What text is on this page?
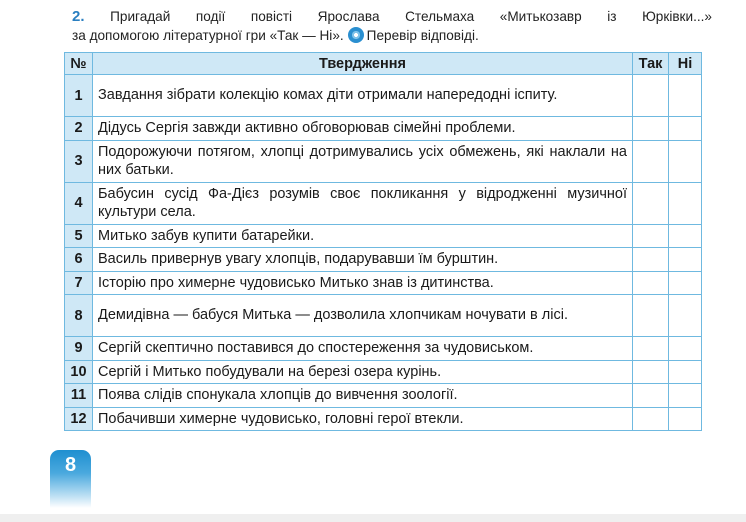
2. Пригадай події повісті Ярослава Стельмаха «Митькозавр із Юрківки...»
за допомогою літературної гри «Так — Ні». Перевір відповіді.
№	Твердження	Так	Ні
1	Завдання зібрати колекцію комах діти отримали напередодні іспиту.		

2	Дідусь Сергія завжди активно обговорював сімейні проблеми.		

3	Подорожуючи потягом, хлопці дотримувались усіх обмежень, які наклали на них батьки.		

4	Бабусин сусід Фа-Дієз розумів своє покликання у відродженні музичної культури села.		

5	Митько забув купити батарейки.		

6	Василь привернув увагу хлопців, подарувавши їм бурштин.		

7	Історію про химерне чудовисько Митько знав із дитинства.		

8	Демидівна — бабуся Митька — дозволила хлопчикам ночувати в лісі.		

9	Сергій скептично поставився до спостереження за чудовиськом.		

10	Сергій і Митько побудували на березі озера курінь.		

11	Поява слідів спонукала хлопців до вивчення зоології.		

12	Побачивши химерне чудовисько, головні герої втекли.		

8
